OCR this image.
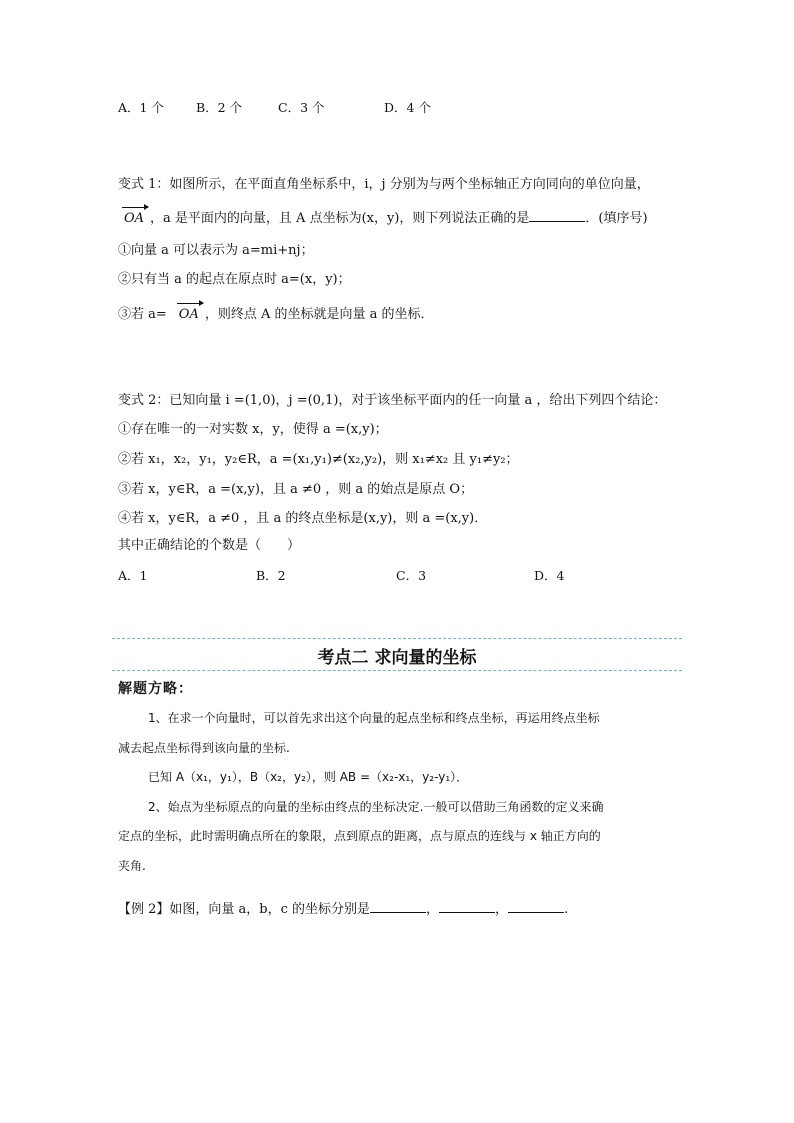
A．1 个	B．2 个	C．3 个	D．4 个
变式 1：如图所示，在平面直角坐标系中，i，j 分别为与两个坐标轴正方向同向的单位向量，
OA ，a 是平面内的向量，且 A 点坐标为(x，y)，则下列说法正确的是	．(填序号)
①向量 a 可以表示为 a=mi+nj；
②只有当 a 的起点在原点时 a=(x，y)；
③若 a= OA ，则终点 A 的坐标就是向量 a 的坐标．
变式 2：已知向量 i =(1,0)，j =(0,1)，对于该坐标平面内的任一向量 a ，给出下列四个结论：
①存在唯一的一对实数 x，y，使得 a =(x,y)；
②若 x₁，x₂，y₁，y₂∈R，a =(x₁,y₁)≠(x₂,y₂)，则 x₁≠x₂ 且 y₁≠y₂；
③若 x，y∈R，a =(x,y)，且 a ≠0 ，则 a 的始点是原点 O；
④若 x，y∈R，a ≠0 ，且 a 的终点坐标是(x,y)，则 a =(x,y)．
其中正确结论的个数是（　　）
A．1	B．2	C．3	D．4
考点二 求向量的坐标
解题方略：
1、在求一个向量时，可以首先求出这个向量的起点坐标和终点坐标，再运用终点坐标
减去起点坐标得到该向量的坐标.
已知 A（x₁，y₁），B（x₂，y₂），则 AB =（x₂-x₁，y₂-y₁）．
2、始点为坐标原点的向量的坐标由终点的坐标决定.一般可以借助三角函数的定义来确
定点的坐标，此时需明确点所在的象限，点到原点的距离，点与原点的连线与 x 轴正方向的
夹角.
【例 2】如图，向量 a，b，c 的坐标分别是	，	，	.
